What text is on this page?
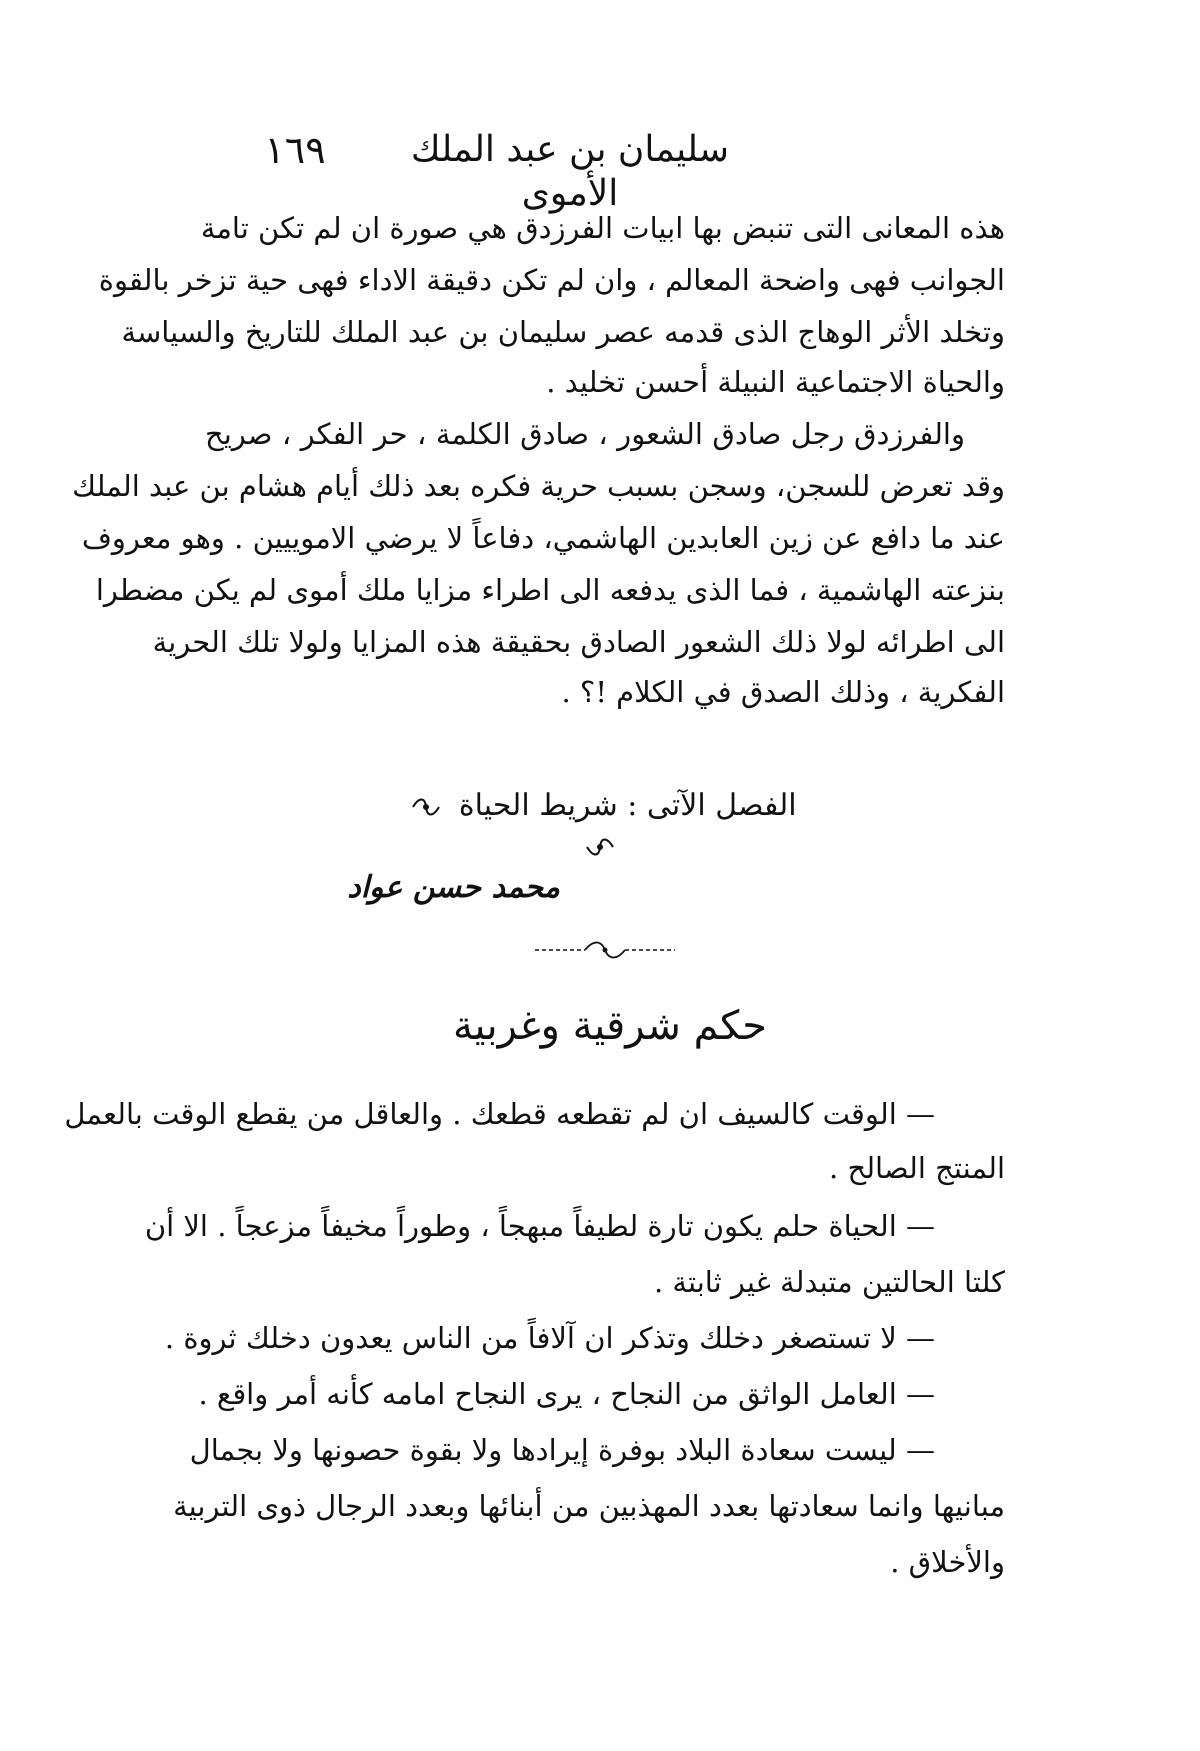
سليمان بن عبد الملك الأموى
١٦٩
هذه المعانى التى تنبض بها ابيات الفرزدق هي صورة ان لم تكن تامة
الجوانب فهى واضحة المعالم ، وان لم تكن دقيقة الاداء فهى حية تزخر بالقوة
وتخلد الأثر الوهاج الذى قدمه عصر سليمان بن عبد الملك للتاريخ والسياسة
والحياة الاجتماعية النبيلة أحسن تخليد .
والفرزدق رجل صادق الشعور ، صادق الكلمة ، حر الفكر ، صريح
وقد تعرض للسجن، وسجن بسبب حرية فكره بعد ذلك أيام هشام بن عبد الملك
عند ما دافع عن زين العابدين الهاشمي، دفاعاً لا يرضي الاموييين . وهو معروف
بنزعته الهاشمية ، فما الذى يدفعه الى اطراء مزايا ملك أموى لم يكن مضطرا
الى اطرائه لولا ذلك الشعور الصادق بحقيقة هذه المزايا ولولا تلك الحرية
الفكرية ، وذلك الصدق في الكلام !؟ .
الفصل الآتى : شريط الحياة
محمد حسن عواد
حكم شرقية وغربية
— الوقت كالسيف ان لم تقطعه قطعك . والعاقل من يقطع الوقت بالعمل
المنتج الصالح .
— الحياة حلم يكون تارة لطيفاً مبهجاً ، وطوراً مخيفاً مزعجاً . الا أن
كلتا الحالتين متبدلة غير ثابتة .
— لا تستصغر دخلك وتذكر ان آلافاً من الناس يعدون دخلك ثروة .
— العامل الواثق من النجاح ، يرى النجاح امامه كأنه أمر واقع .
— ليست سعادة البلاد بوفرة إيرادها ولا بقوة حصونها ولا بجمال
مبانيها وانما سعادتها بعدد المهذبين من أبنائها وبعدد الرجال ذوى التربية
والأخلاق .
